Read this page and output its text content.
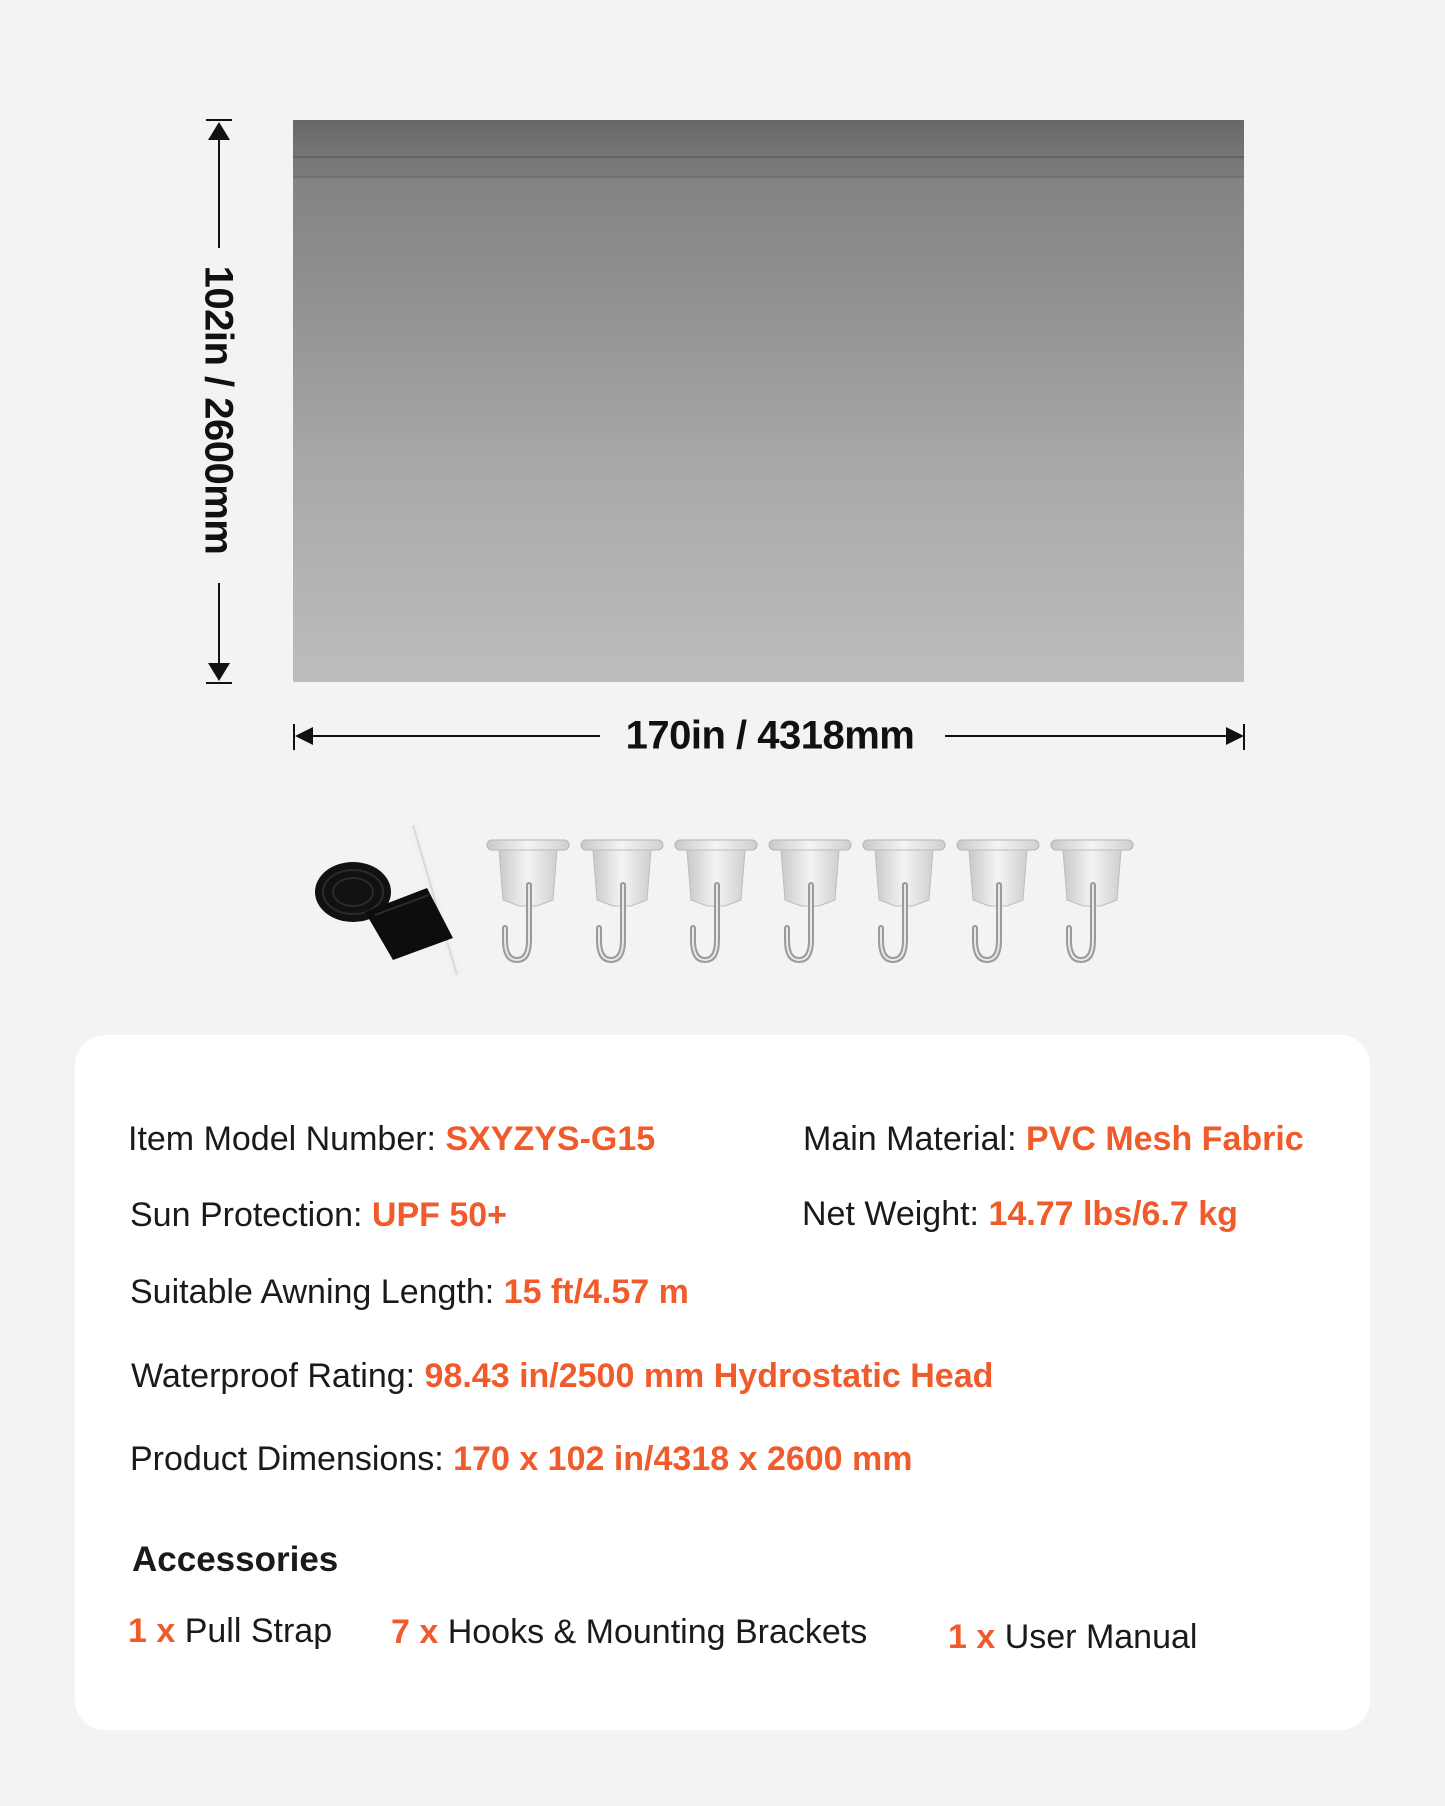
102in / 2600mm
170in / 4318mm
Item Model Number: SXYZYS-G15	Main Material: PVC Mesh Fabric
Sun Protection: UPF 50+	Net Weight: 14.77 lbs/6.7 kg
Suitable Awning Length: 15 ft/4.57 m
Waterproof Rating: 98.43 in/2500 mm Hydrostatic Head
Product Dimensions: 170 x 102 in/4318 x 2600 mm
Accessories
1 x Pull Strap 7 x Hooks & Mounting Brackets 1 x User Manual
